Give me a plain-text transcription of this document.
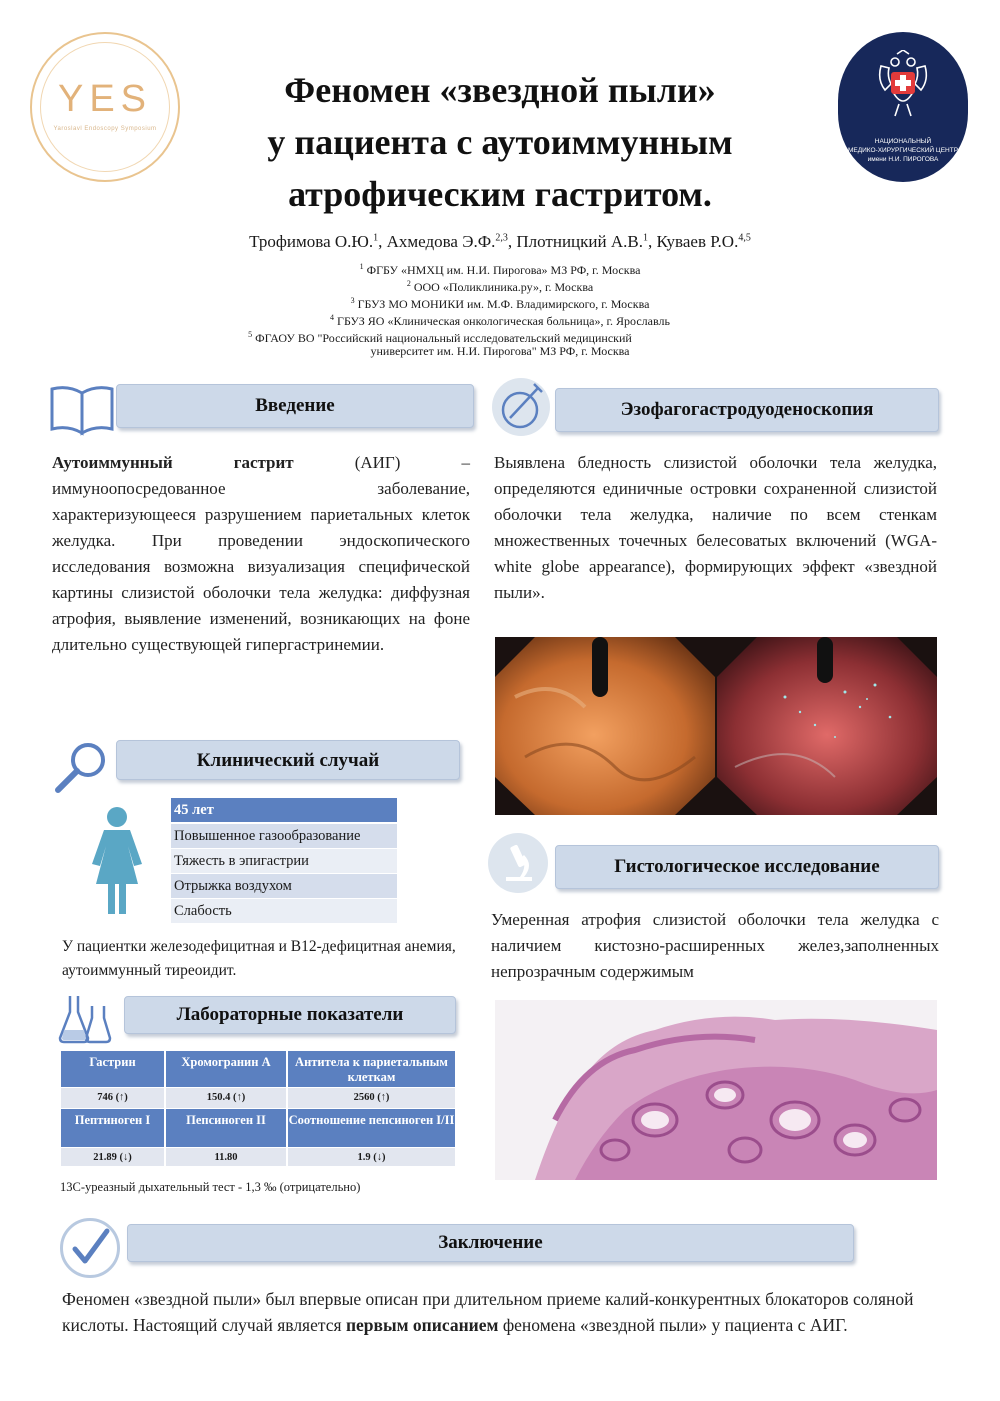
YES
Yaroslavl Endoscopy Symposium
НАЦИОНАЛЬНЫЙ
МЕДИКО-ХИРУРГИЧЕСКИЙ ЦЕНТР
имени Н.И. ПИРОГОВА
Феномен «звездной пыли»
у пациента с аутоиммунным
атрофическим гастритом.
Трофимова О.Ю.$^1$, Ахмедова Э.Ф.$^{2,3}$, Плотницкий А.В.$^1$, Куваев Р.О.$^{4,5}$
$^1$ ФГБУ «НМХЦ им. Н.И. Пирогова» МЗ РФ, г. Москва
$^2$ ООО «Поликлиника.ру», г. Москва
$^3$ ГБУЗ МО МОНИКИ им. М.Ф. Владимирского, г. Москва
$^4$ ГБУЗ ЯО «Клиническая онкологическая больница», г. Ярославль
$^5$ ФГАОУ ВО "Российский национальный исследовательский медицинский
университет им. Н.И. Пирогова" МЗ РФ, г. Москва
Введение
Аутоиммунный гастрит (АИГ) – иммуноопосредованное заболевание, характеризующееся разрушением париетальных клеток желудка. При проведении эндоскопического исследования возможна визуализация специфической картины слизистой оболочки тела желудка: диффузная атрофия, выявление изменений, возникающих на фоне длительно существующей гипергастринемии.
Эзофагогастродуоденоскопия
Выявлена бледность слизистой оболочки тела желудка, определяются единичные островки сохраненной слизистой оболочки тела желудка, наличие по всем стенкам множественных точечных белесоватых включений (WGA- white globe appearance), формирующих эффект «звездной пыли».
Клинический случай
45 лет
Повышенное газообразование
Тяжесть в эпигастрии
Отрыжка воздухом
Слабость
У пациентки железодефицитная и В12-дефицитная анемия, аутоиммунный тиреоидит.
Гистологическое исследование
Умеренная атрофия слизистой оболочки тела желудка с наличием кистозно-расширенных желез,заполненных непрозрачным содержимым
Лабораторные показатели
Гастрин	Хромогранин А	Антитела к париетальным клеткам
746 (↑)	150.4 (↑)	2560 (↑)
Пептиноген I	Пепсиноген II	Соотношение пепсиноген I/II
21.89 (↓)	11.80	1.9 (↓)
13С-уреазный дыхательный тест - 1,3 ‰ (отрицательно)
Заключение
Феномен «звездной пыли» был впервые описан при длительном приеме калий-конкурентных блокаторов соляной кислоты. Настоящий случай является первым описанием феномена «звездной пыли» у пациента с АИГ.
